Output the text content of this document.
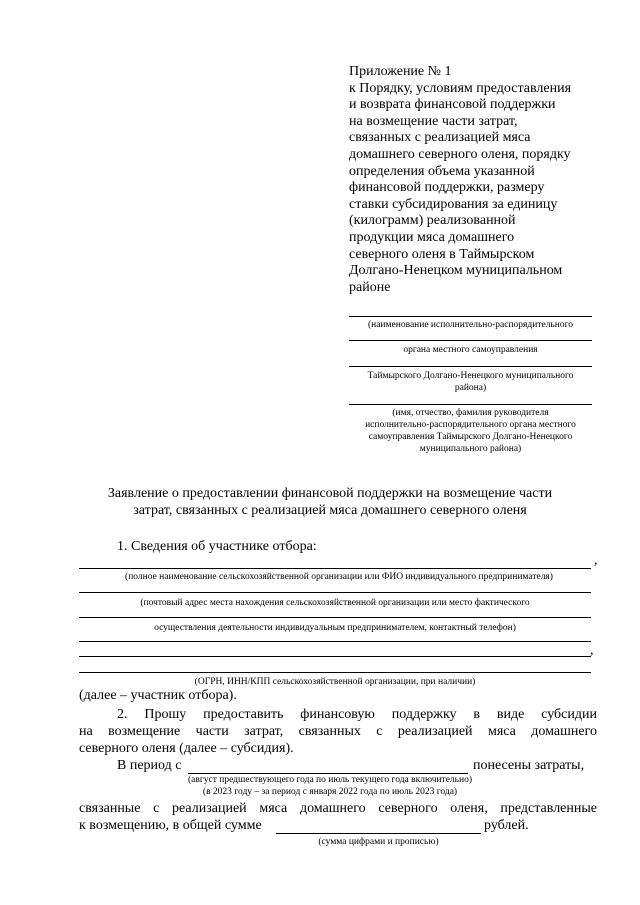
Приложение № 1
к Порядку, условиям предоставления
и возврата финансовой поддержки
на возмещение части затрат,
связанных с реализацией мяса
домашнего северного оленя, порядку
определения объема указанной
финансовой поддержки, размеру
ставки субсидирования за единицу
(килограмм) реализованной
продукции мяса домашнего
северного оленя в Таймырском
Долгано-Ненецком муниципальном
районе
(наименование исполнительно-распорядительного
органа местного самоуправления
Таймырского Долгано-Ненецкого муниципального
района)
(имя, отчество, фамилия руководителя
исполнительно-распорядительного органа местного
самоуправления Таймырского Долгано-Ненецкого
муниципального района)
Заявление о предоставлении финансовой поддержки на возмещение части
затрат, связанных с реализацией мяса домашнего северного оленя
1. Сведения об участнике отбора:
,
(полное наименование сельскохозяйственной организации или ФИО индивидуального предпринимателя)
(почтовый адрес места нахождения сельскохозяйственной организации или место фактического
осуществления деятельности индивидуальным предпринимателем, контактный телефон)
,
(ОГРН, ИНН/КПП сельскохозяйственной организации, при наличии)
(далее – участник отбора).
2. Прошу предоставить финансовую поддержку в виде субсидии
на возмещение части затрат, связанных с реализацией мяса домашнего
северного оленя (далее – субсидия).
В период с	понесены затраты,
(август предшествующего года по июль текущего года включительно)
(в 2023 году – за период с января 2022 года по июль 2023 года)
связанные с реализацией мяса домашнего северного оленя, представленные
к возмещению, в общей сумме	рублей.
(сумма цифрами и прописью)
